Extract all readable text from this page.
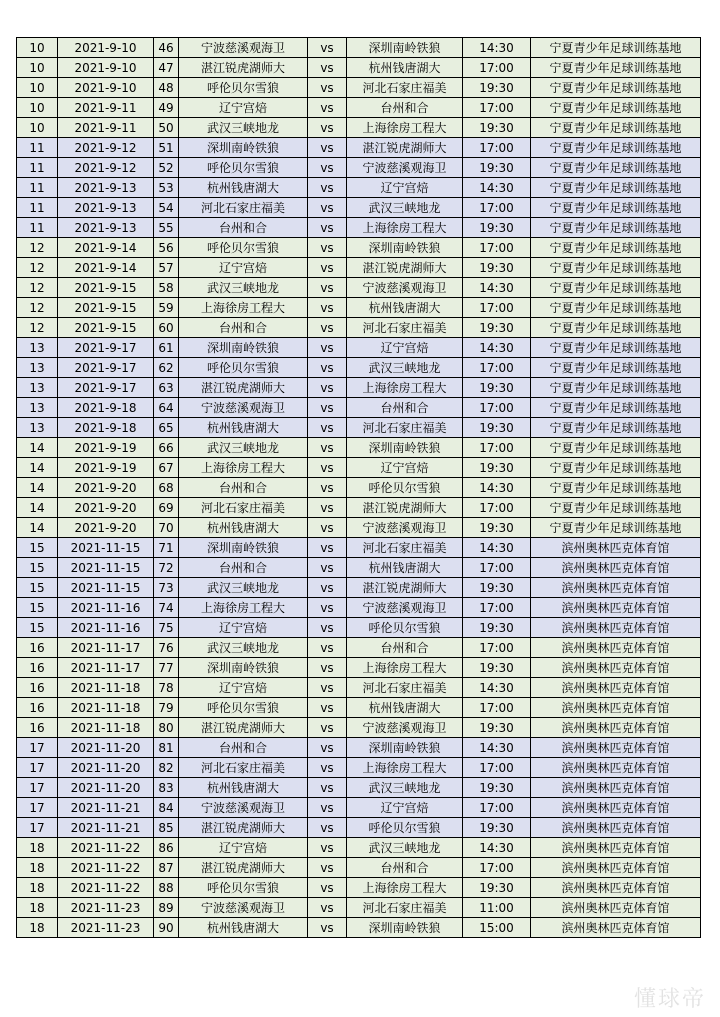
10	2021-9-10	46	宁波慈溪观海卫	vs	深圳南岭铁狼	14:30	宁夏青少年足球训练基地
10	2021-9-10	47	湛江锐虎湖师大	vs	杭州钱唐湖大	17:00	宁夏青少年足球训练基地
10	2021-9-10	48	呼伦贝尔雪狼	vs	河北石家庄福美	19:30	宁夏青少年足球训练基地
10	2021-9-11	49	辽宁宫焙	vs	台州和合	17:00	宁夏青少年足球训练基地
10	2021-9-11	50	武汉三峡地龙	vs	上海徐房工程大	19:30	宁夏青少年足球训练基地
11	2021-9-12	51	深圳南岭铁狼	vs	湛江锐虎湖师大	17:00	宁夏青少年足球训练基地
11	2021-9-12	52	呼伦贝尔雪狼	vs	宁波慈溪观海卫	19:30	宁夏青少年足球训练基地
11	2021-9-13	53	杭州钱唐湖大	vs	辽宁宫焙	14:30	宁夏青少年足球训练基地
11	2021-9-13	54	河北石家庄福美	vs	武汉三峡地龙	17:00	宁夏青少年足球训练基地
11	2021-9-13	55	台州和合	vs	上海徐房工程大	19:30	宁夏青少年足球训练基地
12	2021-9-14	56	呼伦贝尔雪狼	vs	深圳南岭铁狼	17:00	宁夏青少年足球训练基地
12	2021-9-14	57	辽宁宫焙	vs	湛江锐虎湖师大	19:30	宁夏青少年足球训练基地
12	2021-9-15	58	武汉三峡地龙	vs	宁波慈溪观海卫	14:30	宁夏青少年足球训练基地
12	2021-9-15	59	上海徐房工程大	vs	杭州钱唐湖大	17:00	宁夏青少年足球训练基地
12	2021-9-15	60	台州和合	vs	河北石家庄福美	19:30	宁夏青少年足球训练基地
13	2021-9-17	61	深圳南岭铁狼	vs	辽宁宫焙	14:30	宁夏青少年足球训练基地
13	2021-9-17	62	呼伦贝尔雪狼	vs	武汉三峡地龙	17:00	宁夏青少年足球训练基地
13	2021-9-17	63	湛江锐虎湖师大	vs	上海徐房工程大	19:30	宁夏青少年足球训练基地
13	2021-9-18	64	宁波慈溪观海卫	vs	台州和合	17:00	宁夏青少年足球训练基地
13	2021-9-18	65	杭州钱唐湖大	vs	河北石家庄福美	19:30	宁夏青少年足球训练基地
14	2021-9-19	66	武汉三峡地龙	vs	深圳南岭铁狼	17:00	宁夏青少年足球训练基地
14	2021-9-19	67	上海徐房工程大	vs	辽宁宫焙	19:30	宁夏青少年足球训练基地
14	2021-9-20	68	台州和合	vs	呼伦贝尔雪狼	14:30	宁夏青少年足球训练基地
14	2021-9-20	69	河北石家庄福美	vs	湛江锐虎湖师大	17:00	宁夏青少年足球训练基地
14	2021-9-20	70	杭州钱唐湖大	vs	宁波慈溪观海卫	19:30	宁夏青少年足球训练基地
15	2021-11-15	71	深圳南岭铁狼	vs	河北石家庄福美	14:30	滨州奥林匹克体育馆
15	2021-11-15	72	台州和合	vs	杭州钱唐湖大	17:00	滨州奥林匹克体育馆
15	2021-11-15	73	武汉三峡地龙	vs	湛江锐虎湖师大	19:30	滨州奥林匹克体育馆
15	2021-11-16	74	上海徐房工程大	vs	宁波慈溪观海卫	17:00	滨州奥林匹克体育馆
15	2021-11-16	75	辽宁宫焙	vs	呼伦贝尔雪狼	19:30	滨州奥林匹克体育馆
16	2021-11-17	76	武汉三峡地龙	vs	台州和合	17:00	滨州奥林匹克体育馆
16	2021-11-17	77	深圳南岭铁狼	vs	上海徐房工程大	19:30	滨州奥林匹克体育馆
16	2021-11-18	78	辽宁宫焙	vs	河北石家庄福美	14:30	滨州奥林匹克体育馆
16	2021-11-18	79	呼伦贝尔雪狼	vs	杭州钱唐湖大	17:00	滨州奥林匹克体育馆
16	2021-11-18	80	湛江锐虎湖师大	vs	宁波慈溪观海卫	19:30	滨州奥林匹克体育馆
17	2021-11-20	81	台州和合	vs	深圳南岭铁狼	14:30	滨州奥林匹克体育馆
17	2021-11-20	82	河北石家庄福美	vs	上海徐房工程大	17:00	滨州奥林匹克体育馆
17	2021-11-20	83	杭州钱唐湖大	vs	武汉三峡地龙	19:30	滨州奥林匹克体育馆
17	2021-11-21	84	宁波慈溪观海卫	vs	辽宁宫焙	17:00	滨州奥林匹克体育馆
17	2021-11-21	85	湛江锐虎湖师大	vs	呼伦贝尔雪狼	19:30	滨州奥林匹克体育馆
18	2021-11-22	86	辽宁宫焙	vs	武汉三峡地龙	14:30	滨州奥林匹克体育馆
18	2021-11-22	87	湛江锐虎湖师大	vs	台州和合	17:00	滨州奥林匹克体育馆
18	2021-11-22	88	呼伦贝尔雪狼	vs	上海徐房工程大	19:30	滨州奥林匹克体育馆
18	2021-11-23	89	宁波慈溪观海卫	vs	河北石家庄福美	11:00	滨州奥林匹克体育馆
18	2021-11-23	90	杭州钱唐湖大	vs	深圳南岭铁狼	15:00	滨州奥林匹克体育馆
懂球帝
